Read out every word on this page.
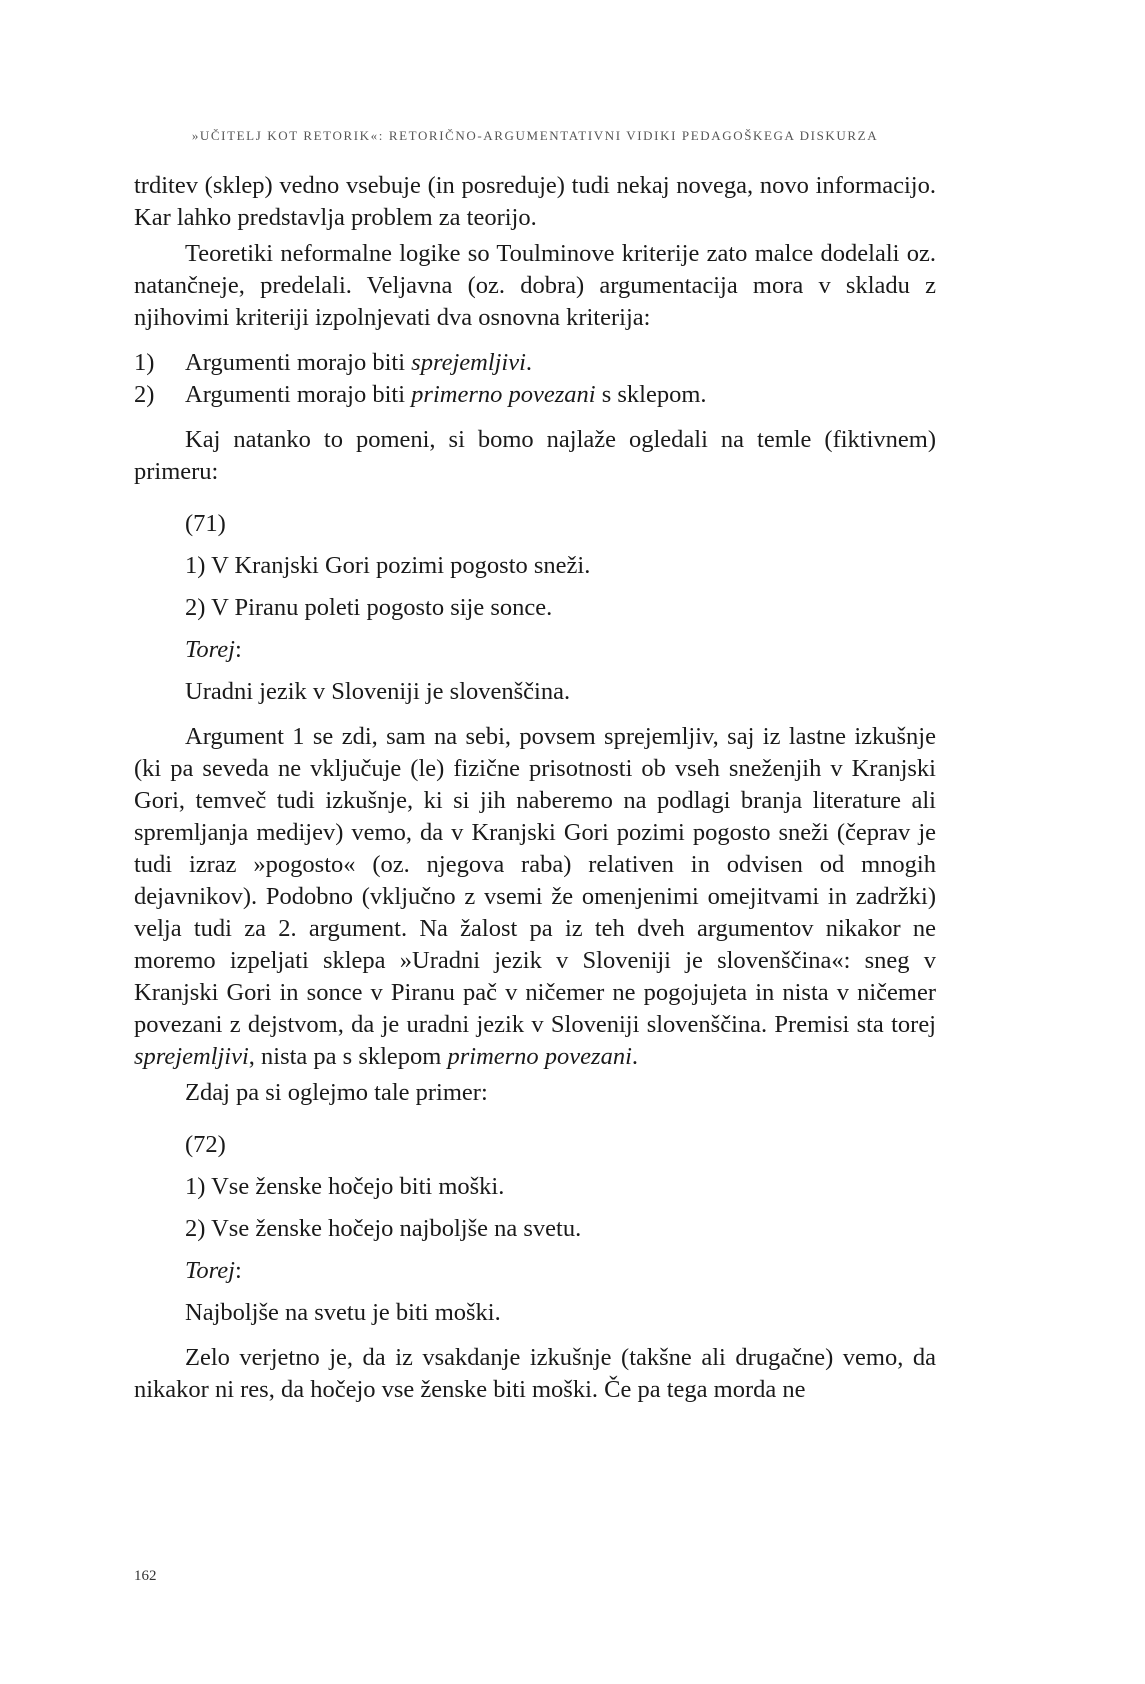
»UČITELJ KOT RETORIK«: RETORIČNO-ARGUMENTATIVNI VIDIKI PEDAGOŠKEGA DISKURZA

trditev (sklep) vedno vsebuje (in posreduje) tudi nekaj novega, novo informacijo. Kar lahko predstavlja problem za teorijo.

Teoretiki neformalne logike so Toulminove kriterije zato malce dodelali oz. natančneje, predelali. Veljavna (oz. dobra) argumentacija mora v skladu z njihovimi kriteriji izpolnjevati dva osnovna kriterija:

1)	Argumenti morajo biti sprejemljivi.
2)	Argumenti morajo biti primerno povezani s sklepom.

Kaj natanko to pomeni, si bomo najlaže ogledali na temle (fiktivnem) primeru:

(71)
1) V Kranjski Gori pozimi pogosto sneži.
2) V Piranu poleti pogosto sije sonce.
Torej:
Uradni jezik v Sloveniji je slovenščina.

Argument 1 se zdi, sam na sebi, povsem sprejemljiv, saj iz lastne izkušnje (ki pa seveda ne vključuje (le) fizične prisotnosti ob vseh sneženjih v Kranjski Gori, temveč tudi izkušnje, ki si jih naberemo na podlagi branja literature ali spremljanja medijev) vemo, da v Kranjski Gori pozimi pogosto sneži (čeprav je tudi izraz »pogosto« (oz. njegova raba) relativen in odvisen od mnogih dejavnikov). Podobno (vključno z vsemi že omenjenimi omejitvami in zadržki) velja tudi za 2. argument. Na žalost pa iz teh dveh argumentov nikakor ne moremo izpeljati sklepa »Uradni jezik v Sloveniji je slovenščina«: sneg v Kranjski Gori in sonce v Piranu pač v ničemer ne pogojujeta in nista v ničemer povezani z dejstvom, da je uradni jezik v Sloveniji slovenščina. Premisi sta torej sprejemljivi, nista pa s sklepom primerno povezani.

Zdaj pa si oglejmo tale primer:

(72)
1) Vse ženske hočejo biti moški.
2) Vse ženske hočejo najboljše na svetu.
Torej:
Najboljše na svetu je biti moški.

Zelo verjetno je, da iz vsakdanje izkušnje (takšne ali drugačne) vemo, da nikakor ni res, da hočejo vse ženske biti moški. Če pa tega morda ne

162
